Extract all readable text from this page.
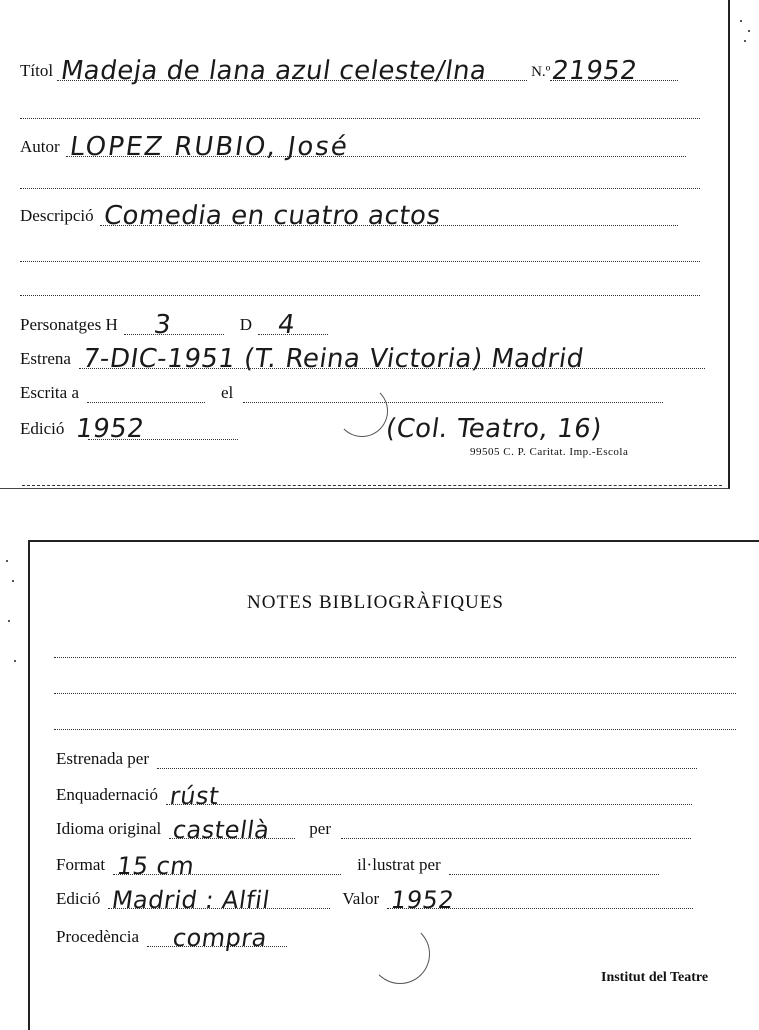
Títol Madeja de lana azul celeste/lna	N.º 21952
Autor LOPEZ RUBIO, José
Descripció Comedia en cuatro actos
Personatges H 3	D 4
Estrena 7-DIC-1951 (T. Reina Victoria) Madrid
Escrita a	el
Edició 1952	(Col. Teatro, 16)
99505 C. P. Caritat. Imp.-Escola
NOTES BIBLIOGRÀFIQUES
Estrenada per
Enquadernació rúst
Idioma original castellà per
Format 15 cm	il·lustrat per
Edició Madrid : Alfil	Valor 1952
Procedència compra
Institut del Teatre
